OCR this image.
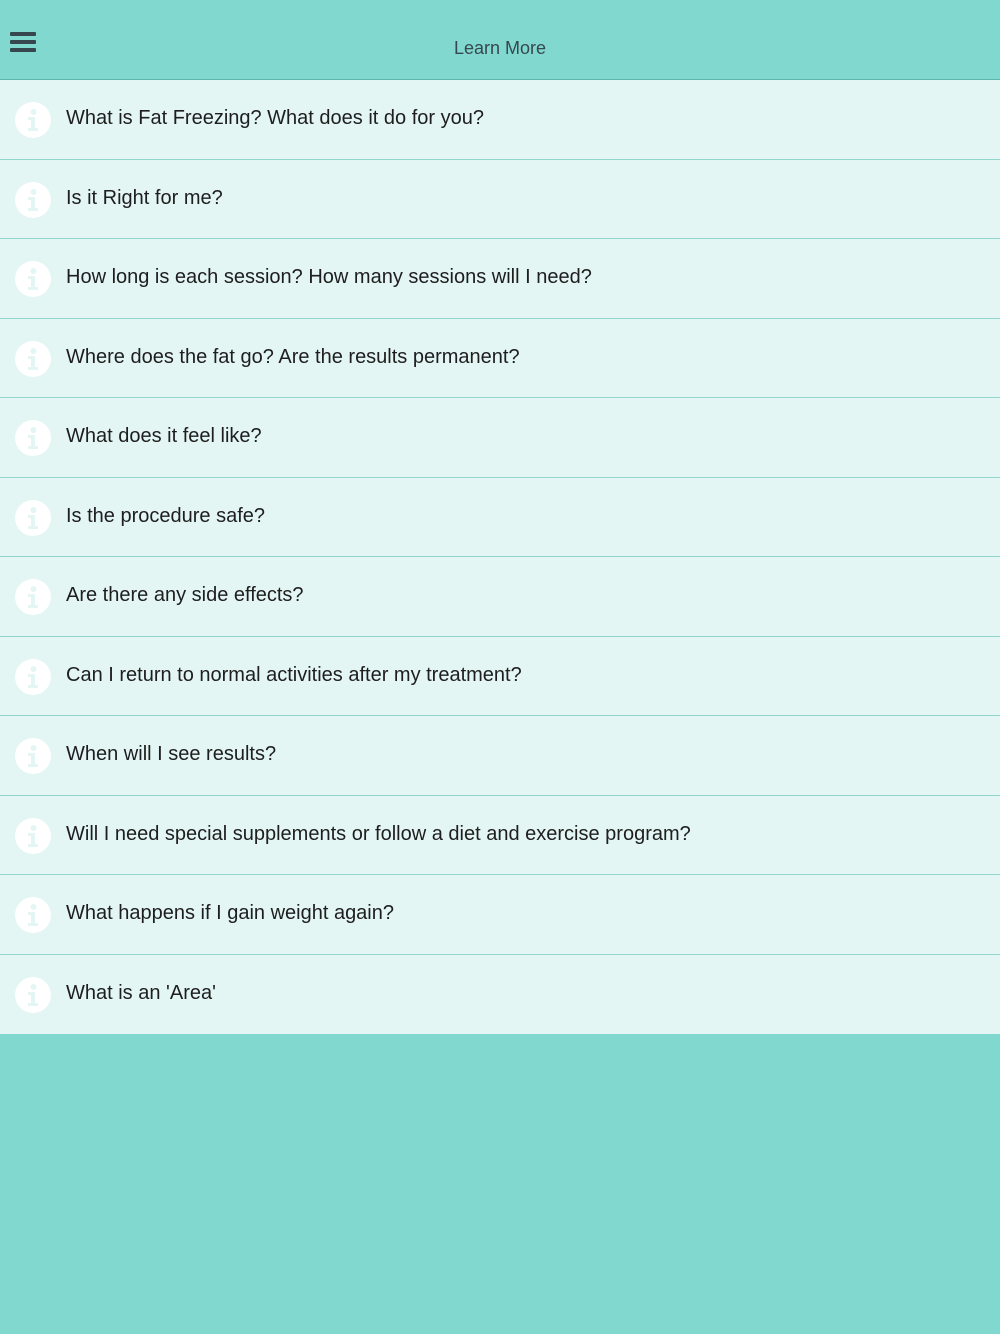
Learn More
What is Fat Freezing? What does it do for you?
Is it Right for me?
How long is each session? How many sessions will I need?
Where does the fat go? Are the results permanent?
What does it feel like?
Is the procedure safe?
Are there any side effects?
Can I return to normal activities after my treatment?
When will I see results?
Will I need special supplements or follow a diet and exercise program?
What happens if I gain weight again?
What is an 'Area'
